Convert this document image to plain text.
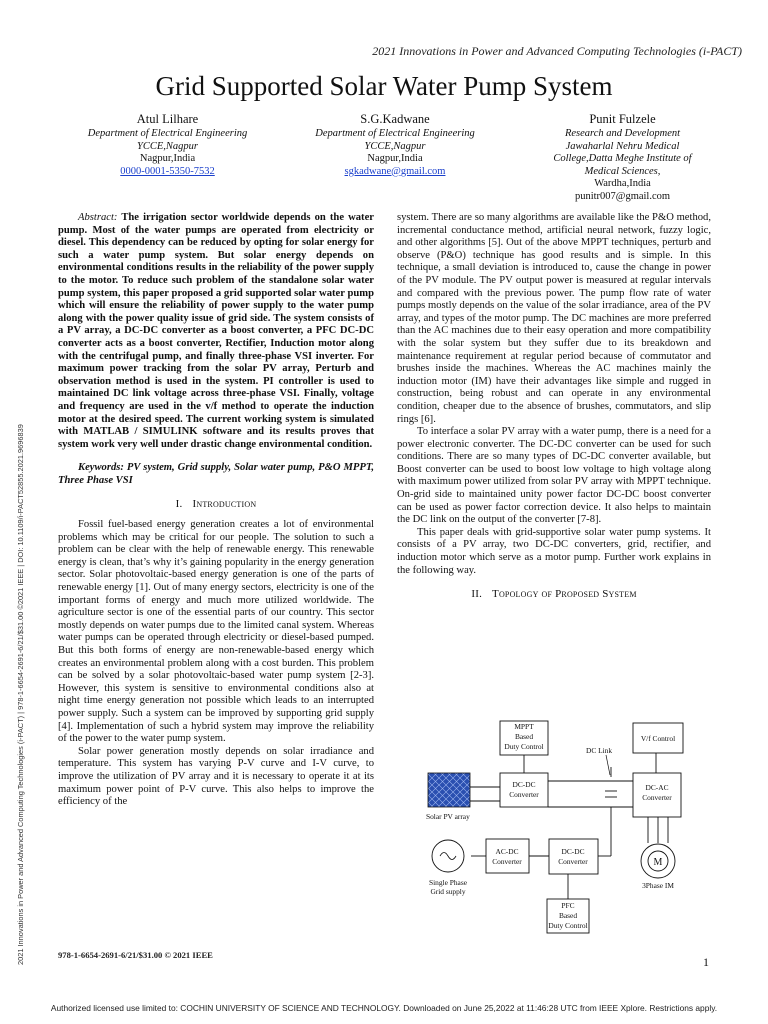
2021 Innovations in Power and Advanced Computing Technologies (i-PACT)
Grid Supported Solar Water Pump System
Atul Lilhare
Department of Electrical Engineering
YCCE,Nagpur
Nagpur,India
0000-0001-5350-7532
S.G.Kadwane
Department of Electrical Engineering
YCCE,Nagpur
Nagpur,India
sgkadwane@gmail.com
Punit Fulzele
Research and Development
Jawaharlal Nehru Medical
College,Datta Meghe Institute of
Medical Sciences,
Wardha,India
punitr007@gmail.com

Abstract: The irrigation sector worldwide depends on the water pump. Most of the water pumps are operated from electricity or diesel. This dependency can be reduced by opting for solar energy for such a water pump system. But solar energy depends on environmental conditions results in the reliability of the power supply to the motor. To reduce such problem of the standalone solar water pump system, this paper proposed a grid supported solar water pump which will ensure the reliability of power supply to the water pump along with the power quality issue of grid side. The system consists of a PV array, a DC-DC converter as a boost converter, a PFC DC-DC converter acts as a boost converter, Rectifier, Induction motor along with the centrifugal pump, and finally three-phase VSI inverter. For maximum power tracking from the solar PV array, Perturb and observation method is used in the system. PI controller is used to maintained DC link voltage across three-phase VSI. Finally, voltage and frequency are used in the v/f method to operate the induction motor at the desired speed. The current working system is simulated with MATLAB / SIMULINK software and its results proves that system work very well under drastic change environmental condition.

Keywords: PV system, Grid supply, Solar water pump, P&O MPPT, Three Phase VSI

I. Introduction

Fossil fuel-based energy generation creates a lot of environmental problems which may be critical for our people. The solution to such a problem can be clear with the help of renewable energy. This renewable energy is clean, that’s why it’s gaining popularity in the energy generation sector. Solar photovoltaic-based energy generation is one of the parts of renewable energy [1]. Out of many energy sectors, electricity is one of the important forms of energy and much more utilized worldwide. The agriculture sector is one of the essential parts of our country. This sector mostly depends on water pumps due to the limited canal system. Whereas water pumps can be operated through electricity or diesel-based pumped. But this both forms of energy are non-renewable-based energy which creates an environmental problem along with a cost burden. This problem can be solved by a solar photovoltaic-based water pump system [2-3]. However, this system is sensitive to environmental conditions also at night time energy generation not possible which leads to an interrupted power supply. Such a system can be improved by supporting grid supply [4]. Implementation of such a hybrid system may improve the reliability of the power to the water pump system.

Solar power generation mostly depends on solar irradiance and temperature. This system has varying P-V curve and I-V curve, to improve the utilization of PV array and it is necessary to operate it at its maximum power point of P-V curve. This also helps to improve the efficiency of the

system. There are so many algorithms are available like the P&O method, incremental conductance method, artificial neural network, fuzzy logic, and other algorithms [5]. Out of the above MPPT techniques, perturb and observe (P&O) technique has good results and is simple. In this technique, a small deviation is introduced to, cause the change in power of the PV module. The PV output power is measured at regular intervals and compared with the previous power. The pump flow rate of water pumps mostly depends on the value of the solar irradiance, area of the PV array, and types of the motor pump. The DC machines are more preferred than the AC machines due to their easy operation and more compatibility with the solar system but they suffer due to its breakdown and maintenance requirement at regular period because of commutator and brushes inside the machines. Whereas the AC machines mainly the induction motor (IM) have their advantages like simple and rugged in construction, being robust and can operate in any environmental condition, cheaper due to the absence of brushes, commutators, and slip rings [6].

To interface a solar PV array with a water pump, there is a need for a power electronic converter. The DC-DC converter can be used for such conditions. There are so many types of DC-DC converter available, but Boost converter can be used to boost low voltage to high voltage along with maximum power utilized from solar PV array with MPPT technique. On-grid side to maintained unity power factor DC-DC boost converter can be used as power factor correction device. It also helps to maintain the DC link on the output of the converter [7-8].

This paper deals with grid-supportive solar water pump systems. It consists of a PV array, two DC-DC converters, grid, rectifier, and induction motor which serve as a motor pump. Further work explains in the following way.

II. Topology of Proposed System

Solar PV array
DC-DC
Converter
MPPT
Based
Duty Control	DC Link
DC-AC
Converter
V/f Control
Single Phase
Grid supply
AC-DC
Converter
DC-DC
Converter
PFC
Based
Duty Control
M
3Phase IM
978-1-6654-2691-6/21/$31.00 © 2021 IEEE	1
2021 Innovations in Power and Advanced Computing Technologies (i-PACT) | 978-1-6654-2691-6/21/$31.00 ©2021 IEEE | DOI: 10.1109/i-PACT52855.2021.9696839
Authorized licensed use limited to: COCHIN UNIVERSITY OF SCIENCE AND TECHNOLOGY. Downloaded on June 25,2022 at 11:46:28 UTC from IEEE Xplore. Restrictions apply.
